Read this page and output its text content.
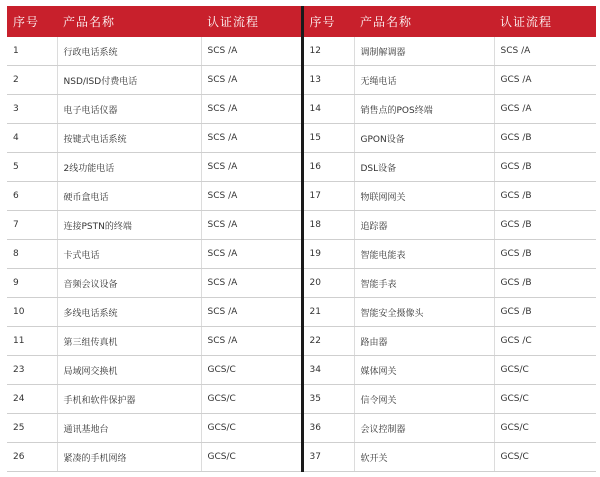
序号	产品名称	认证流程	序号	产品名称	认证流程
1	行政电话系统	SCS /A	12	调制解调器	SCS /A
2	NSD/ISD付费电话	SCS /A	13	无绳电话	GCS /A
3	电子电话仪器	SCS /A	14	销售点的POS终端	GCS /A
4	按键式电话系统	SCS /A	15	GPON设备	GCS /B
5	2线功能电话	SCS /A	16	DSL设备	GCS /B
6	硬币盒电话	SCS /A	17	物联网网关	GCS /B
7	连接PSTN的终端	SCS /A	18	追踪器	GCS /B
8	卡式电话	SCS /A	19	智能电能表	GCS /B
9	音频会议设备	SCS /A	20	智能手表	GCS /B
10	多线电话系统	SCS /A	21	智能安全摄像头	GCS /B
11	第三组传真机	SCS /A	22	路由器	GCS /C
23	局域网交换机	GCS/C	34	媒体网关	GCS/C
24	手机和软件保护器	GCS/C	35	信令网关	GCS/C
25	通讯基地台	GCS/C	36	会议控制器	GCS/C
26	紧凑的手机网络	GCS/C	37	软开关	GCS/C
